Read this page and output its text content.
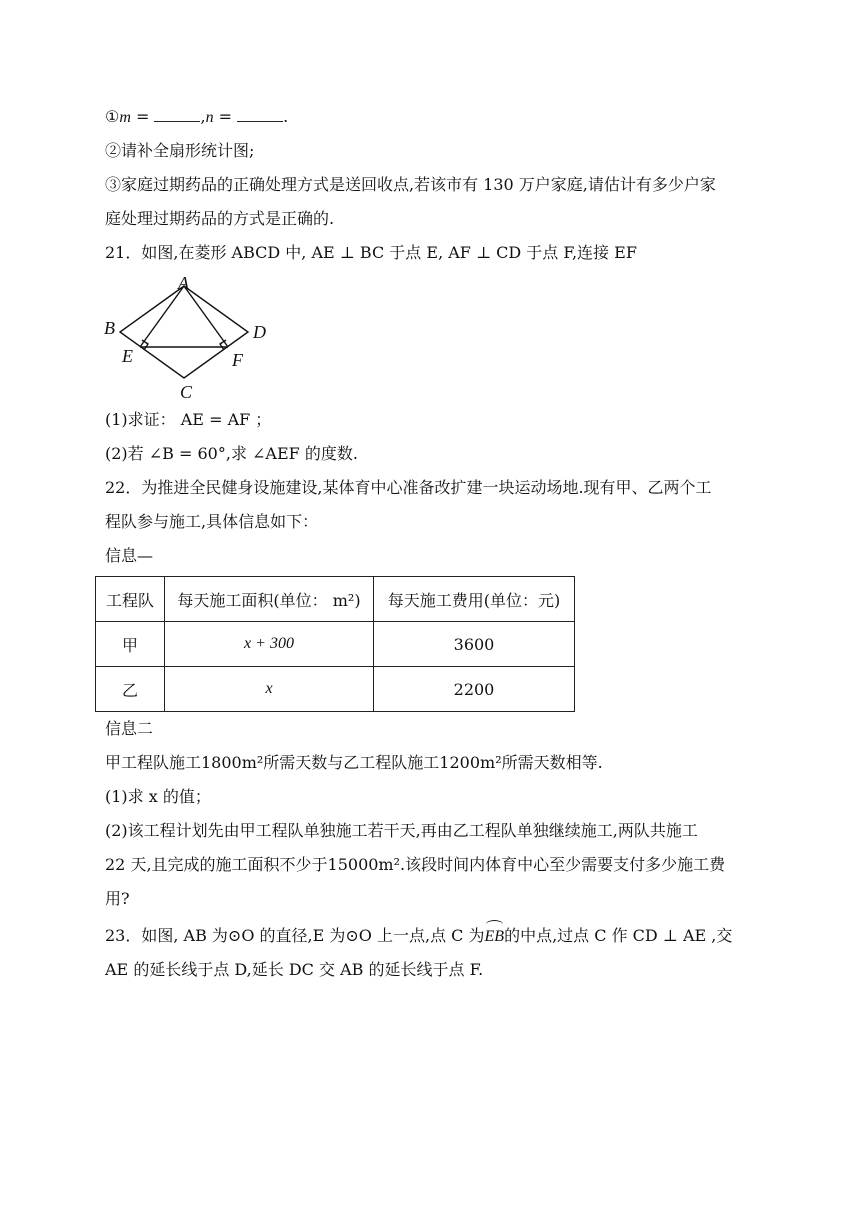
①m =	,n =	.
②请补全扇形统计图;
③家庭过期药品的正确处理方式是送回收点,若该市有 130 万户家庭,请估计有多少户家
庭处理过期药品的方式是正确的.
21．如图,在菱形 ABCD 中, AE ⊥ BC 于点 E, AF ⊥ CD 于点 F,连接 EF
A
B	D
E	F
C
(1)求证： AE = AF ；
(2)若 ∠B = 60°,求 ∠AEF 的度数.
22．为推进全民健身设施建设,某体育中心准备改扩建一块运动场地.现有甲、乙两个工
程队参与施工,具体信息如下：
信息—
工程队	每天施工面积(单位： m²)	每天施工费用(单位：元)
甲	x + 300	3600
乙	x	2200
信息二
甲工程队施工1800m²所需天数与乙工程队施工1200m²所需天数相等.
(1)求 x 的值；
(2)该工程计划先由甲工程队单独施工若干天,再由乙工程队单独继续施工,两队共施工
22 天,且完成的施工面积不少于15000m².该段时间内体育中心至少需要支付多少施工费
用?
23．如图, AB 为⊙O 的直径,E 为⊙O 上一点,点 C 为EB的中点,过点 C 作 CD ⊥ AE ,交
AE 的延长线于点 D,延长 DC 交 AB 的延长线于点 F.
